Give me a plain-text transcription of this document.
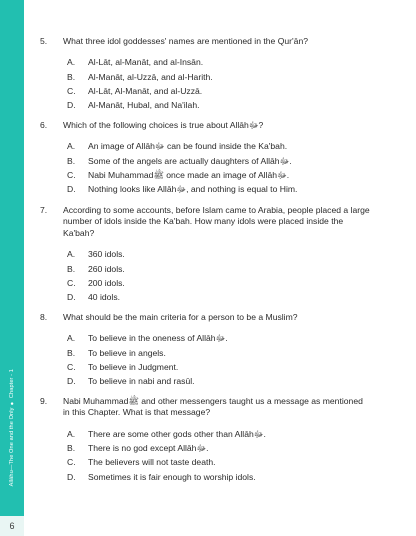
Allāhu—The One and the Only ● Chapter - 1
6
5.	What three idol goddesses' names are mentioned in the Qur'ān?
A.	Al-Lāt, al-Manāt, and al-Insān.
B.	Al-Manāt, al-Uzzā, and al-Harith.
C.	Al-Lāt, Al-Manāt, and al-Uzzā.
D.	Al-Manāt, Hubal, and Na'ilah.
6.	Which of the following choices is true about Allāhﷻ?
A.	An image of Allāhﷻ can be found inside the Ka'bah.
B.	Some of the angels are actually daughters of Allāhﷻ.
C.	Nabi Muhammadﷺ once made an image of Allāhﷻ.
D.	Nothing looks like Allāhﷻ, and nothing is equal to Him.
7.	According to some accounts, before Islam came to Arabia, people placed a large number of idols inside the Ka'bah. How many idols were placed inside the Ka'bah?
A.	360 idols.
B.	260 idols.
C.	200 idols.
D.	40 idols.
8.	What should be the main criteria for a person to be a Muslim?
A.	To believe in the oneness of Allāhﷻ.
B.	To believe in angels.
C.	To believe in Judgment.
D.	To believe in nabi and rasūl.
9.	Nabi Muhammadﷺ and other messengers taught us a message as mentioned in this Chapter. What is that message?
A.	There are some other gods other than Allāhﷻ.
B.	There is no god except Allāhﷻ.
C.	The believers will not taste death.
D.	Sometimes it is fair enough to worship idols.
